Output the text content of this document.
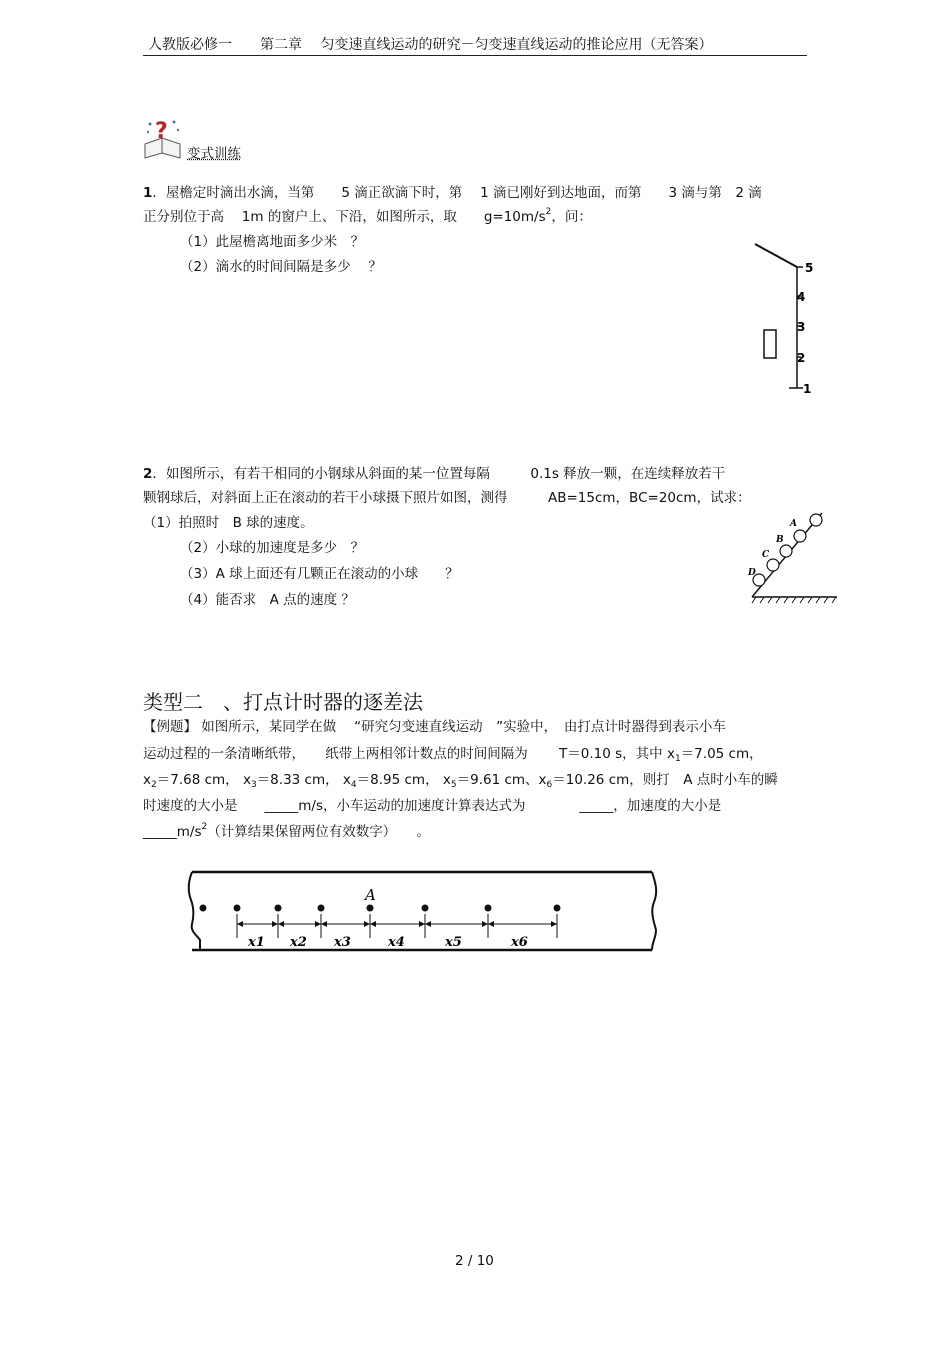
人教版必修一　　第二章　 匀变速直线运动的研究－匀变速直线运动的推论应用（无答案）
?
变式训练
1．屋檐定时滴出水滴，当第　　5 滴正欲滴下时，第　 1 滴已刚好到达地面，而第　　3 滴与第　2 滴
正分别位于高　 1m 的窗户上、下沿，如图所示，取　　$g=10m/s^2$，问：
（1）此屋檐离地面多少米　？
（2）滴水的时间间隔是多少　 ？	5
4
3
2
1
2．如图所示，有若干相同的小钢球从斜面的某一位置每隔　　　0.1s 释放一颗，在连续释放若干
颗钢球后，对斜面上正在滚动的若干小球摄下照片如图，测得　　　AB=15cm，BC=20cm，试求：
（1）拍照时　B 球的速度。
（2）小球的加速度是多少　？
（3）A 球上面还有几颗正在滚动的小球　　？
（4）能否求　A 点的速度 ？
A
B
C
D
类型二　、打点计时器的逐差法
【例题】 如图所示，某同学在做　 “研究匀变速直线运动　”实验中，　由打点计时器得到表示小车
运动过程的一条清晰纸带，　　纸带上两相邻计数点的时间间隔为　　 T＝0.10 s，其中 $x_1=7.05$ cm，
$x_2=7.68$ cm， $x_3=8.33$ cm， $x_4=8.95$ cm， $x_5=9.61$ cm、$x_6=10.26$ cm，则打　A 点时小车的瞬
时速度的大小是　　_____m/s，小车运动的加速度计算表达式为　　　　_____，加速度的大小是
$\_\_\_\_\_m/s^2$（计算结果保留两位有效数字）　　。
A
x1 x2 x3	x4	x5	x6
2 / 10
